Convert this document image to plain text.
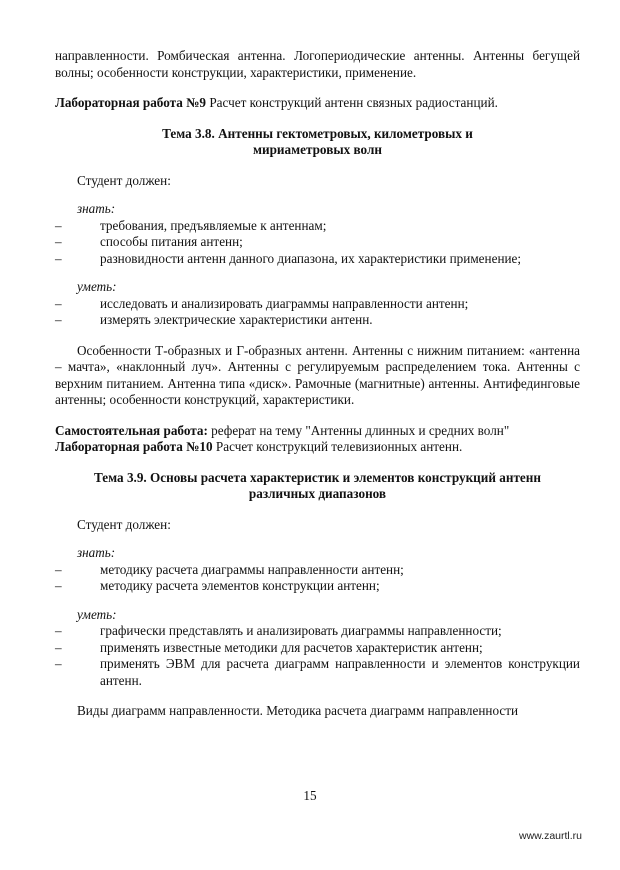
направленности. Ромбическая антенна. Логопериодические антенны. Антенны бегущей волны; особенности конструкции, характеристики, применение.

Лабораторная работа №9 Расчет конструкций антенн связных радиостанций.

Тема 3.8. Антенны гектометровых, километровых и мириаметровых волн

Студент должен:

знать:

– требования, предъявляемые к антеннам;
– способы питания антенн;
– разновидности антенн данного диапазона, их характеристики применение;

уметь:

– исследовать и анализировать диаграммы направленности антенн;
– измерять электрические характеристики антенн.

Особенности Т-образных и Г-образных антенн. Антенны с нижним питанием: «антенна – мачта», «наклонный луч». Антенны с регулируемым распределением тока. Антенны с верхним питанием. Антенна типа «диск». Рамочные (магнитные) антенны. Антифединговые антенны; особенности конструкций, характеристики.

Самостоятельная работа: реферат на тему "Антенны длинных и средних волн"

Лабораторная работа №10 Расчет конструкций телевизионных антенн.

Тема 3.9. Основы расчета характеристик и элементов конструкций антенн различных диапазонов

Студент должен:

знать:

– методику расчета диаграммы направленности антенн;
– методику расчета элементов конструкции антенн;

уметь:

– графически представлять и анализировать диаграммы направленности;
– применять известные методики для расчетов характеристик антенн;
– применять ЭВМ для расчета диаграмм направленности и элементов конструкции антенн.

Виды диаграмм направленности. Методика расчета диаграмм направленности

15
www.zaurtl.ru
